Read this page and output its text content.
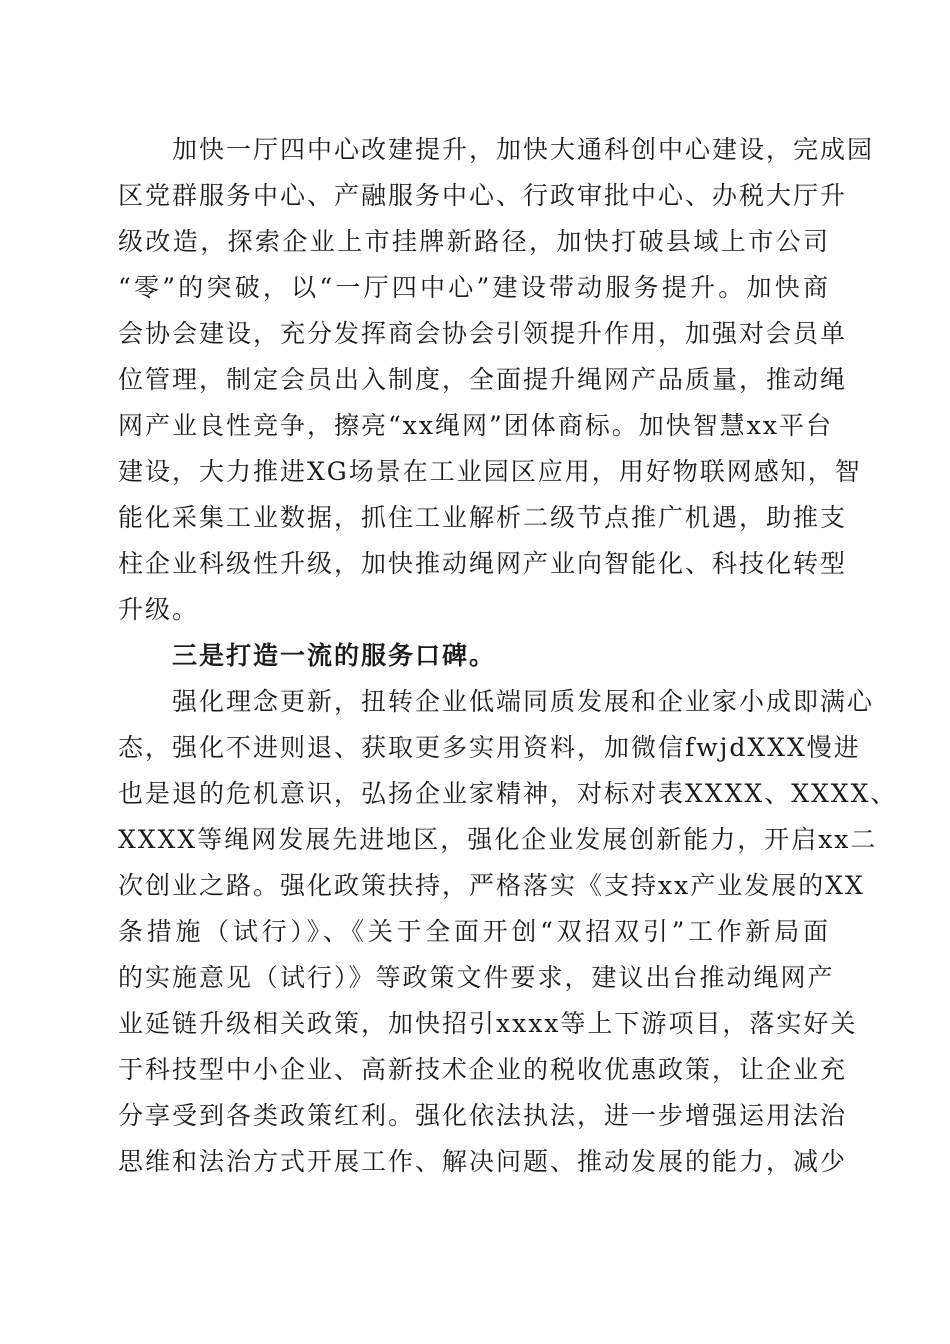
　　加快一厅四中心改建提升，加快大通科创中心建设，完成园
区党群服务中心、产融服务中心、行政审批中心、办税大厅升
级改造，探索企业上市挂牌新路径，加快打破县域上市公司
“零”的突破，以“一厅四中心”建设带动服务提升。加快商
会协会建设，充分发挥商会协会引领提升作用，加强对会员单
位管理，制定会员出入制度，全面提升绳网产品质量，推动绳
网产业良性竞争，擦亮“xx绳网”团体商标。加快智慧xx平台
建设，大力推进XG场景在工业园区应用，用好物联网感知，智
能化采集工业数据，抓住工业解析二级节点推广机遇，助推支
柱企业科级性升级，加快推动绳网产业向智能化、科技化转型
升级。
　　三是打造一流的服务口碑。
　　强化理念更新，扭转企业低端同质发展和企业家小成即满心
态，强化不进则退、获取更多实用资料，加微信fwjdXXX慢进
也是退的危机意识，弘扬企业家精神，对标对表XXXX、XXXX、
XXXX等绳网发展先进地区，强化企业发展创新能力，开启xx二
次创业之路。强化政策扶持，严格落实《支持xx产业发展的XX
条措施（试行）》、《关于全面开创“双招双引”工作新局面
的实施意见（试行）》等政策文件要求，建议出台推动绳网产
业延链升级相关政策，加快招引xxxx等上下游项目，落实好关
于科技型中小企业、高新技术企业的税收优惠政策，让企业充
分享受到各类政策红利。强化依法执法，进一步增强运用法治
思维和法治方式开展工作、解决问题、推动发展的能力，减少
